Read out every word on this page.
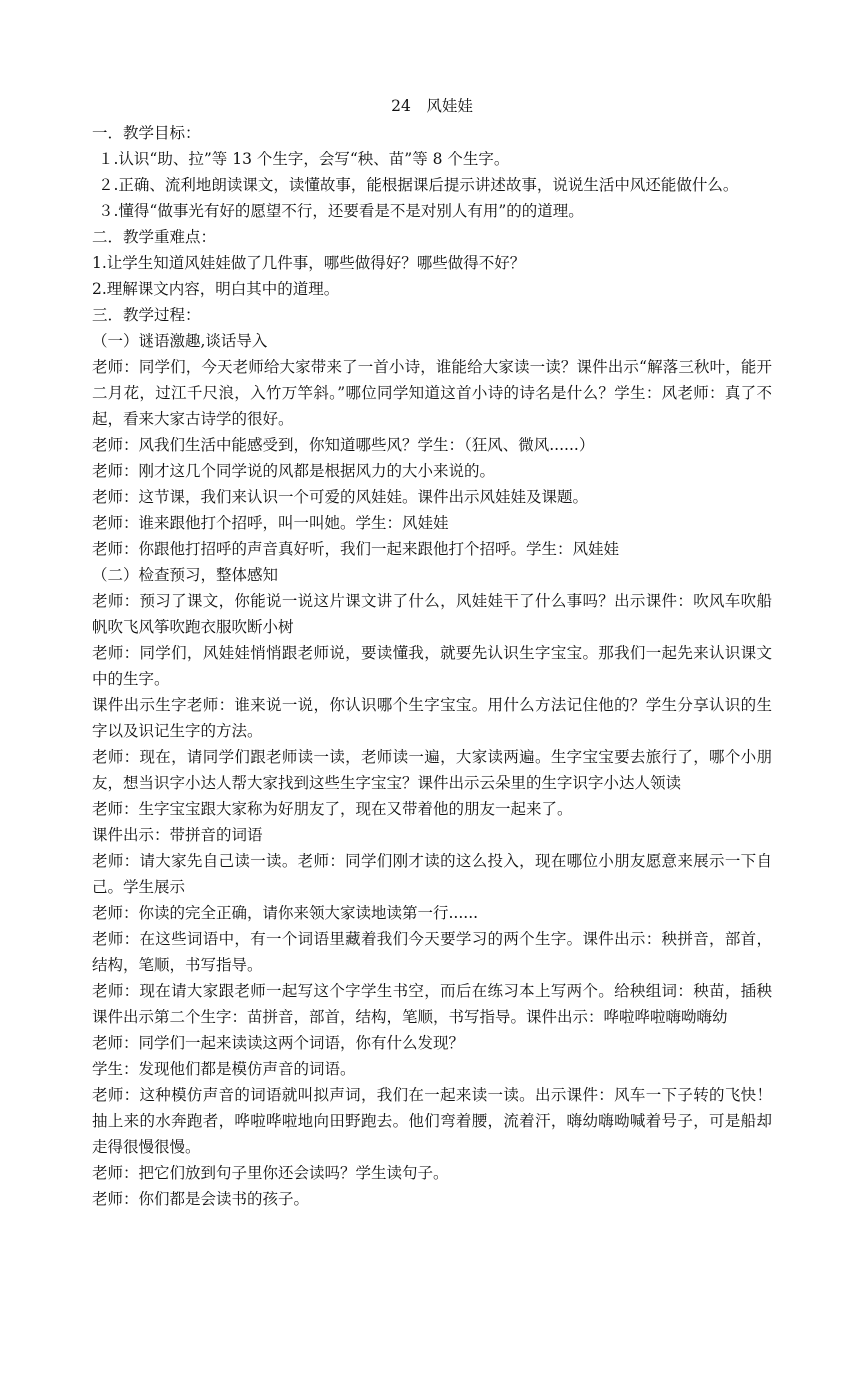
24　风娃娃
一．教学目标：
１.认识“助、拉”等 13 个生字，会写“秧、苗”等 8 个生字。
２.正确、流利地朗读课文，读懂故事，能根据课后提示讲述故事，说说生活中风还能做什么。
３.懂得“做事光有好的愿望不行，还要看是不是对别人有用”的的道理。
二．教学重难点：
1.让学生知道风娃娃做了几件事，哪些做得好？哪些做得不好？
2.理解课文内容，明白其中的道理。
三．教学过程：
（一）谜语激趣,谈话导入
老师：同学们，今天老师给大家带来了一首小诗，谁能给大家读一读？课件出示“解落三秋叶，能开二月花，过江千尺浪，入竹万竿斜。”哪位同学知道这首小诗的诗名是什么？学生：风老师：真了不起，看来大家古诗学的很好。
老师：风我们生活中能感受到，你知道哪些风？学生：（狂风、微风......）
老师：刚才这几个同学说的风都是根据风力的大小来说的。
老师：这节课，我们来认识一个可爱的风娃娃。课件出示风娃娃及课题。
老师：谁来跟他打个招呼，叫一叫她。学生：风娃娃
老师：你跟他打招呼的声音真好听，我们一起来跟他打个招呼。学生：风娃娃
（二）检查预习，整体感知
老师：预习了课文，你能说一说这片课文讲了什么，风娃娃干了什么事吗？出示课件：吹风车吹船帆吹飞风筝吹跑衣服吹断小树
老师：同学们，风娃娃悄悄跟老师说，要读懂我，就要先认识生字宝宝。那我们一起先来认识课文中的生字。
课件出示生字老师：谁来说一说，你认识哪个生字宝宝。用什么方法记住他的？学生分享认识的生字以及识记生字的方法。
老师：现在，请同学们跟老师读一读，老师读一遍，大家读两遍。生字宝宝要去旅行了，哪个小朋友，想当识字小达人帮大家找到这些生字宝宝？课件出示云朵里的生字识字小达人领读
老师：生字宝宝跟大家称为好朋友了，现在又带着他的朋友一起来了。
课件出示：带拼音的词语
老师：请大家先自己读一读。老师：同学们刚才读的这么投入，现在哪位小朋友愿意来展示一下自己。学生展示
老师：你读的完全正确，请你来领大家读地读第一行......
老师：在这些词语中，有一个词语里藏着我们今天要学习的两个生字。课件出示：秧拼音，部首，结构，笔顺，书写指导。
老师：现在请大家跟老师一起写这个字学生书空，而后在练习本上写两个。给秧组词：秧苗，插秧课件出示第二个生字：苗拼音，部首，结构，笔顺，书写指导。课件出示：哗啦哗啦嗨呦嗨幼
老师：同学们一起来读读这两个词语，你有什么发现？
学生：发现他们都是模仿声音的词语。
老师：这种模仿声音的词语就叫拟声词，我们在一起来读一读。出示课件：风车一下子转的飞快！抽上来的水奔跑者，哗啦哗啦地向田野跑去。他们弯着腰，流着汗，嗨幼嗨呦喊着号子，可是船却走得很慢很慢。
老师：把它们放到句子里你还会读吗？学生读句子。
老师：你们都是会读书的孩子。
